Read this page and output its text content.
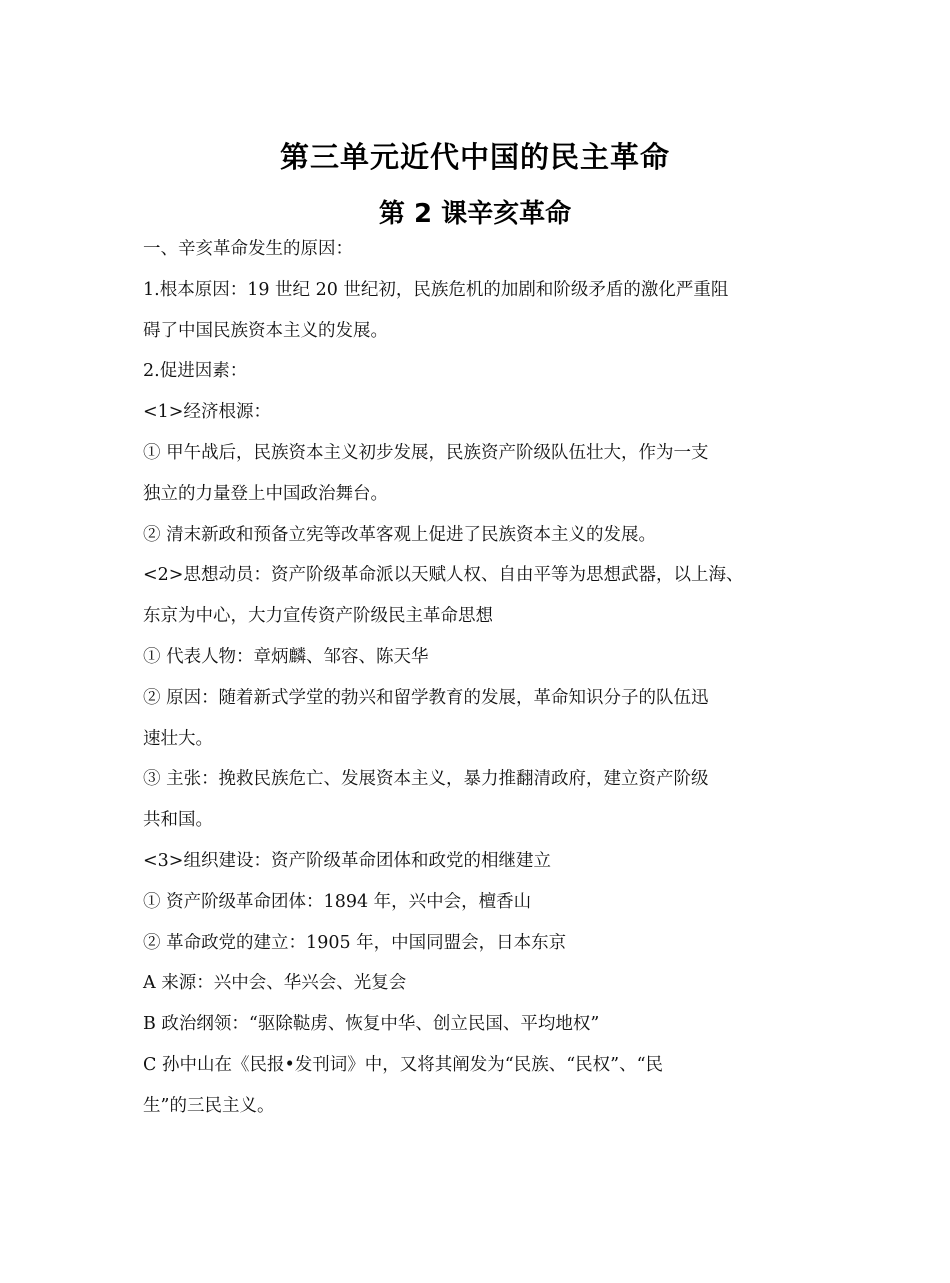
第三单元近代中国的民主革命
第 2 课辛亥革命
一、辛亥革命发生的原因：
1.根本原因：19 世纪 20 世纪初，民族危机的加剧和阶级矛盾的激化严重阻
碍了中国民族资本主义的发展。
2.促进因素：
<1>经济根源：
① 甲午战后，民族资本主义初步发展，民族资产阶级队伍壮大，作为一支
独立的力量登上中国政治舞台。
② 清末新政和预备立宪等改革客观上促进了民族资本主义的发展。
<2>思想动员：资产阶级革命派以天赋人权、自由平等为思想武器，以上海、
东京为中心，大力宣传资产阶级民主革命思想
① 代表人物：章炳麟、邹容、陈天华
② 原因：随着新式学堂的勃兴和留学教育的发展，革命知识分子的队伍迅
速壮大。
③ 主张：挽救民族危亡、发展资本主义，暴力推翻清政府，建立资产阶级
共和国。
<3>组织建设：资产阶级革命团体和政党的相继建立
① 资产阶级革命团体：1894 年，兴中会，檀香山
② 革命政党的建立：1905 年，中国同盟会，日本东京
A 来源：兴中会、华兴会、光复会
B 政治纲领：“驱除鞑虏、恢复中华、创立民国、平均地权”
C 孙中山在《民报•发刊词》中，又将其阐发为“民族、“民权”、“民
生”的三民主义。
